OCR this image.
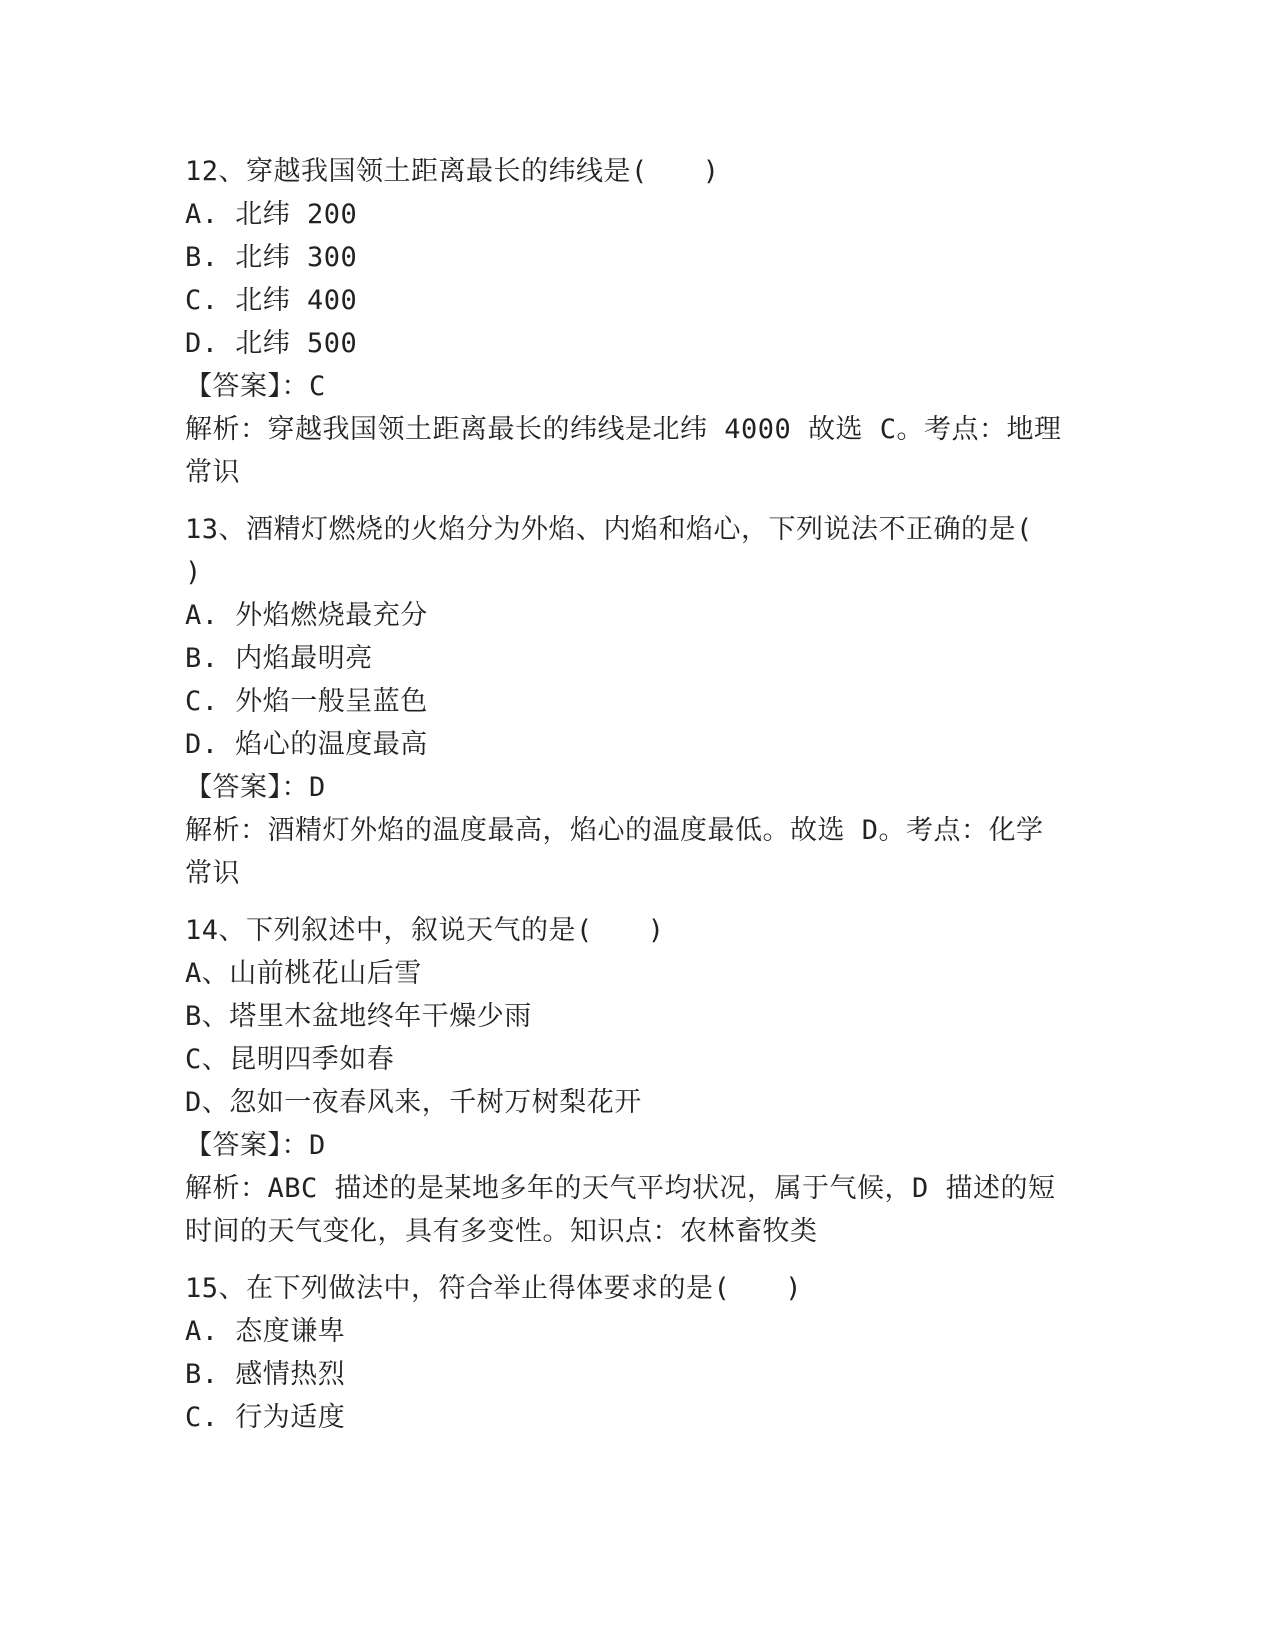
12、穿越我国领土距离最长的纬线是(　　)
A. 北纬 200
B. 北纬 300
C. 北纬 400
D. 北纬 500
【答案】：C
解析：穿越我国领土距离最长的纬线是北纬 4000 故选 C。考点：地理
常识
13、酒精灯燃烧的火焰分为外焰、内焰和焰心，下列说法不正确的是(
)
A. 外焰燃烧最充分
B. 内焰最明亮
C. 外焰一般呈蓝色
D. 焰心的温度最高
【答案】：D
解析：酒精灯外焰的温度最高，焰心的温度最低。故选 D。考点：化学
常识
14、下列叙述中，叙说天气的是(　　)
A、山前桃花山后雪
B、塔里木盆地终年干燥少雨
C、昆明四季如春
D、忽如一夜春风来，千树万树梨花开
【答案】：D
解析：ABC 描述的是某地多年的天气平均状况，属于气候，D 描述的短
时间的天气变化，具有多变性。知识点：农林畜牧类
15、在下列做法中，符合举止得体要求的是(　　)
A. 态度谦卑
B. 感情热烈
C. 行为适度
